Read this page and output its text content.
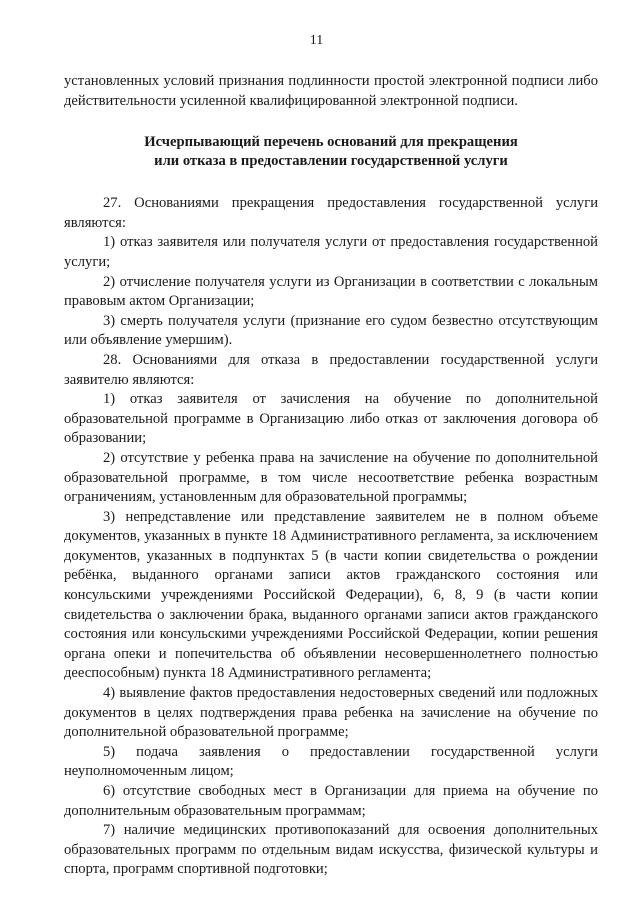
11

установленных условий признания подлинности простой электронной подписи либо действительности усиленной квалифицированной электронной подписи.

Исчерпывающий перечень оснований для прекращения
или отказа в предоставлении государственной услуги

27. Основаниями прекращения предоставления государственной услуги являются:

1) отказ заявителя или получателя услуги от предоставления государственной услуги;

2) отчисление получателя услуги из Организации в соответствии с локальным правовым актом Организации;

3) смерть получателя услуги (признание его судом безвестно отсутствующим или объявление умершим).

28. Основаниями для отказа в предоставлении государственной услуги заявителю являются:

1) отказ заявителя от зачисления на обучение по дополнительной образовательной программе в Организацию либо отказ от заключения договора об образовании;

2) отсутствие у ребенка права на зачисление на обучение по дополнительной образовательной программе, в том числе несоответствие ребенка возрастным ограничениям, установленным для образовательной программы;

3) непредставление или представление заявителем не в полном объеме документов, указанных в пункте 18 Административного регламента, за исключением документов, указанных в подпунктах 5 (в части копии свидетельства о рождении ребёнка, выданного органами записи актов гражданского состояния или консульскими учреждениями Российской Федерации), 6, 8, 9 (в части копии свидетельства о заключении брака, выданного органами записи актов гражданского состояния или консульскими учреждениями Российской Федерации, копии решения органа опеки и попечительства об объявлении несовершеннолетнего полностью дееспособным) пункта 18 Административного регламента;

4) выявление фактов предоставления недостоверных сведений или подложных документов в целях подтверждения права ребенка на зачисление на обучение по дополнительной образовательной программе;

5) подача заявления о предоставлении государственной услуги неуполномоченным лицом;

6) отсутствие свободных мест в Организации для приема на обучение по дополнительным образовательным программам;

7) наличие медицинских противопоказаний для освоения дополнительных образовательных программ по отдельным видам искусства, физической культуры и спорта, программ спортивной подготовки;
